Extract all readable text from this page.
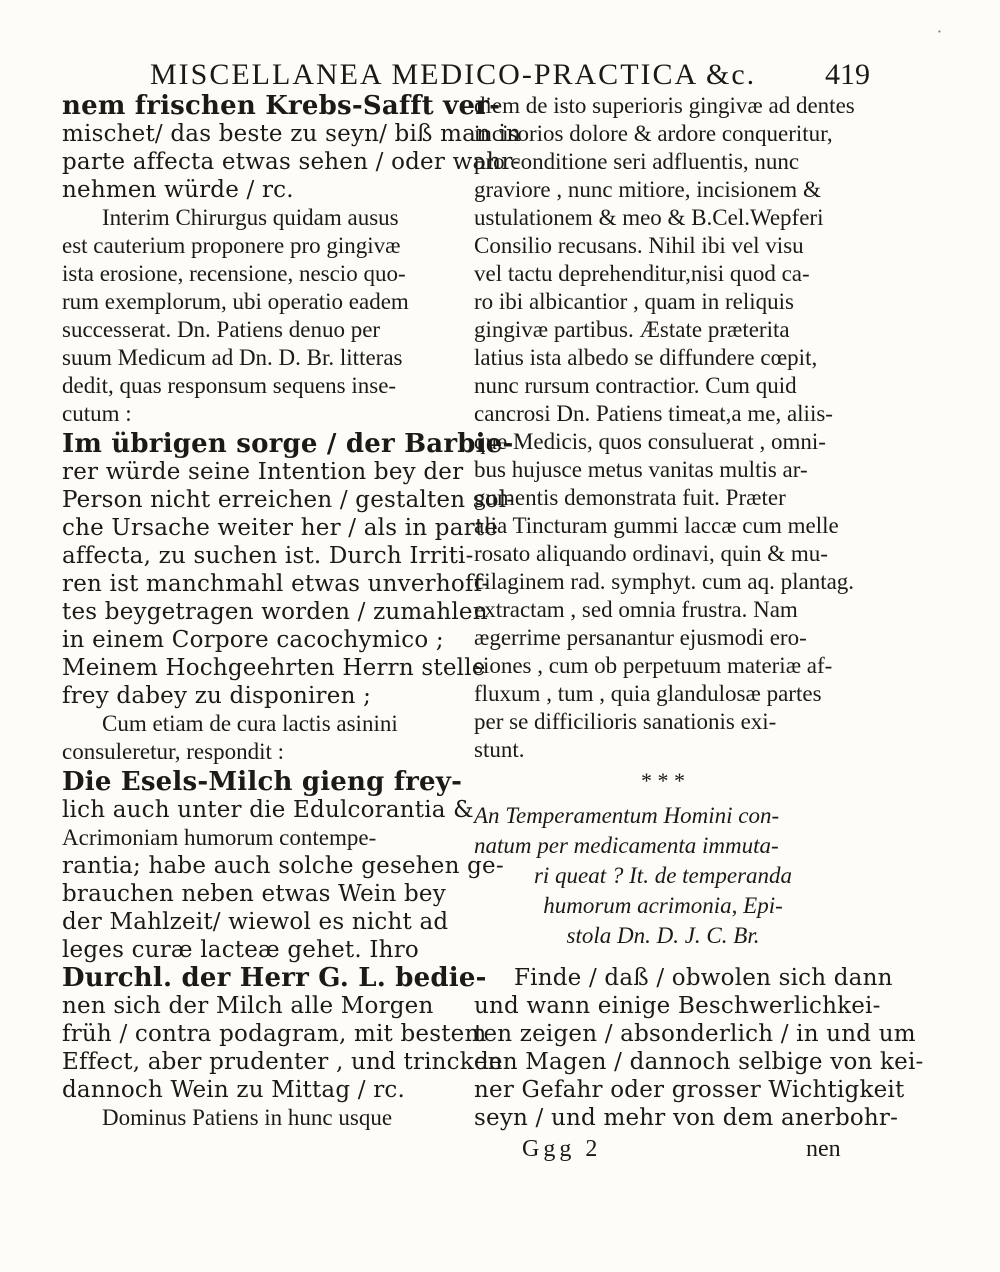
·
MISCELLANEA MEDICO-PRACTICA &c. 419
nem frischen Krebs-Safft ver-
mischet/ das beste zu seyn/ biß man in
parte affecta etwas sehen / oder wahr-
nehmen würde / rc.
Interim Chirurgus quidam ausus
est cauterium proponere pro gingivæ
ista erosione, recensione, nescio quo-
rum exemplorum, ubi operatio eadem
successerat. Dn. Patiens denuo per
suum Medicum ad Dn. D. Br. litteras
dedit, quas responsum sequens inse-
cutum :
Im übrigen sorge / der Barbie-
rer würde seine Intention bey der
Person nicht erreichen / gestalten sol-
che Ursache weiter her / als in parte
affecta, zu suchen ist. Durch Irriti-
ren ist manchmahl etwas unverhoff-
tes beygetragen worden / zumahlen
in einem Corpore cacochymico ;
Meinem Hochgeehrten Herrn stelle
frey dabey zu disponiren ;
Cum etiam de cura lactis asinini
consuleretur, respondit :
Die Esels-Milch gieng frey-
lich auch unter die Edulcorantia &
Acrimoniam humorum contempe-
rantia; habe auch solche gesehen ge-
brauchen neben etwas Wein bey
der Mahlzeit/ wiewol es nicht ad
leges curæ lacteæ gehet. Ihro
Durchl. der Herr G. L. bedie-
nen sich der Milch alle Morgen
früh / contra podagram, mit bestem
Effect, aber prudenter , und trincken
dannoch Wein zu Mittag / rc.
Dominus Patiens in hunc usque
diem de isto superioris gingivæ ad dentes
incisorios dolore & ardore conqueritur,
pro conditione seri adfluentis, nunc
graviore , nunc mitiore, incisionem &
ustulationem & meo & B.Cel.Wepferi
Consilio recusans. Nihil ibi vel visu
vel tactu deprehenditur,nisi quod ca-
ro ibi albicantior , quam in reliquis
gingivæ partibus. Æstate præterita
latius ista albedo se diffundere cœpit,
nunc rursum contractior. Cum quid
cancrosi Dn. Patiens timeat,a me, aliis-
que Medicis, quos consuluerat , omni-
bus hujusce metus vanitas multis ar-
gumentis demonstrata fuit. Præter
alia Tincturam gummi laccæ cum melle
rosato aliquando ordinavi, quin & mu-
cilaginem rad. symphyt. cum aq. plantag.
extractam , sed omnia frustra. Nam
ægerrime persanantur ejusmodi ero-
siones , cum ob perpetuum materiæ af-
fluxum , tum , quia glandulosæ partes
per se difficilioris sanationis exi-
stunt.
* * *
An Temperamentum Homini con-
natum per medicamenta immuta-
ri queat ? It. de temperanda
humorum acrimonia, Epi-
stola Dn. D. J. C. Br.
Finde / daß / obwolen sich dann
und wann einige Beschwerlichkei-
ten zeigen / absonderlich / in und um
den Magen / dannoch selbige von kei-
ner Gefahr oder grosser Wichtigkeit
seyn / und mehr von dem anerbohr-
Ggg 2	nen
